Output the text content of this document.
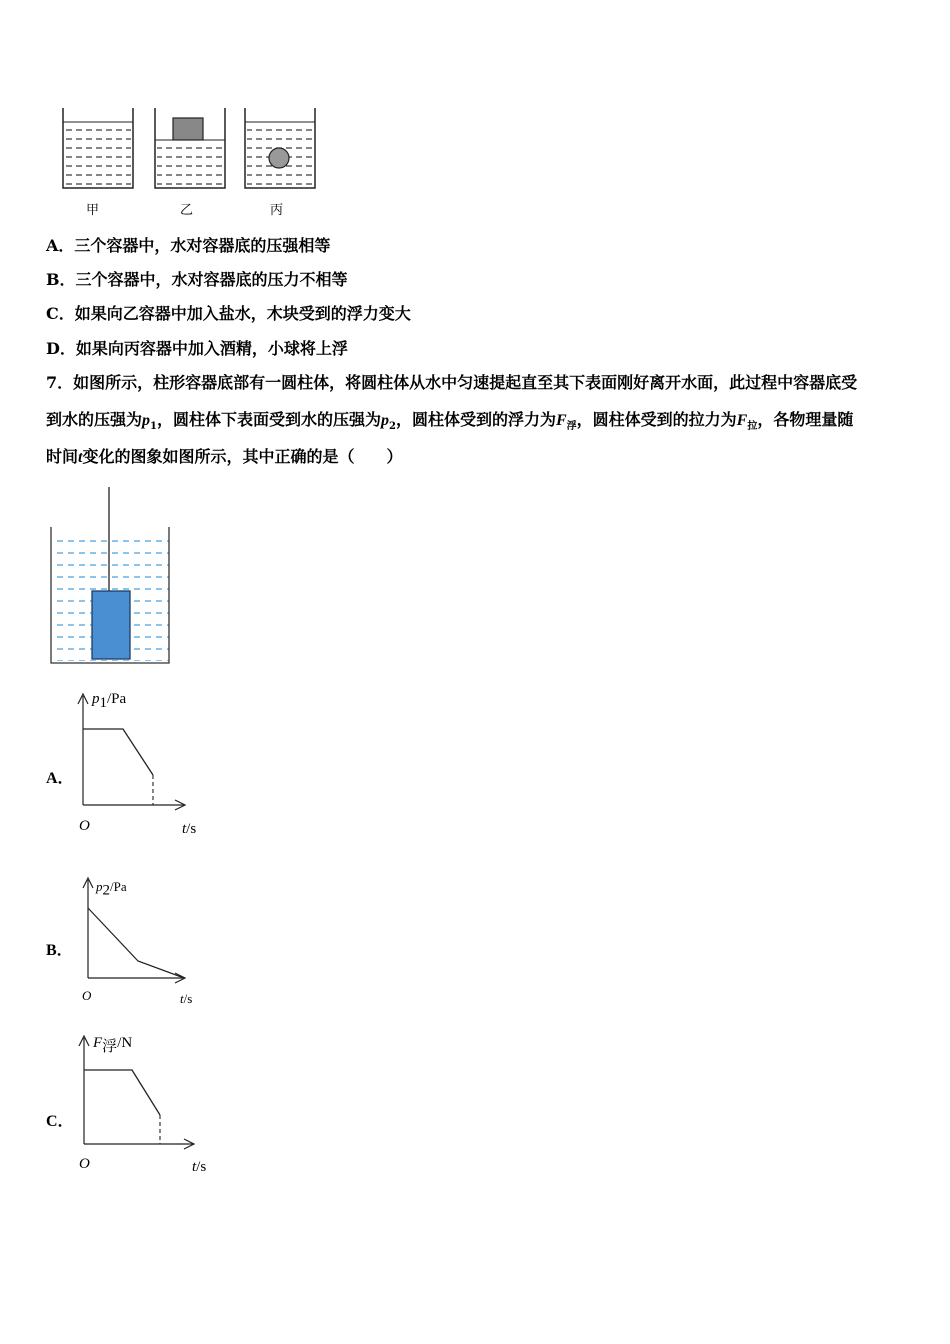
甲	乙	丙
A．三个容器中，水对容器底的压强相等
B．三个容器中，水对容器底的压力不相等
C．如果向乙容器中加入盐水，木块受到的浮力变大
D．如果向丙容器中加入酒精，小球将上浮
7．如图所示，柱形容器底部有一圆柱体，将圆柱体从水中匀速提起直至其下表面刚好离开水面，此过程中容器底受
到水的压强为$p_1$，圆柱体下表面受到水的压强为$p_2$，圆柱体受到的浮力为$F_浮$，圆柱体受到的拉力为$F_拉$，各物理量随
时间t变化的图象如图所示，其中正确的是（　　）
A．
$p_1/Pa$
O	t/s
B．
$p_2/Pa$
O	t/s
C．
$F_浮/N$
O	t/s
